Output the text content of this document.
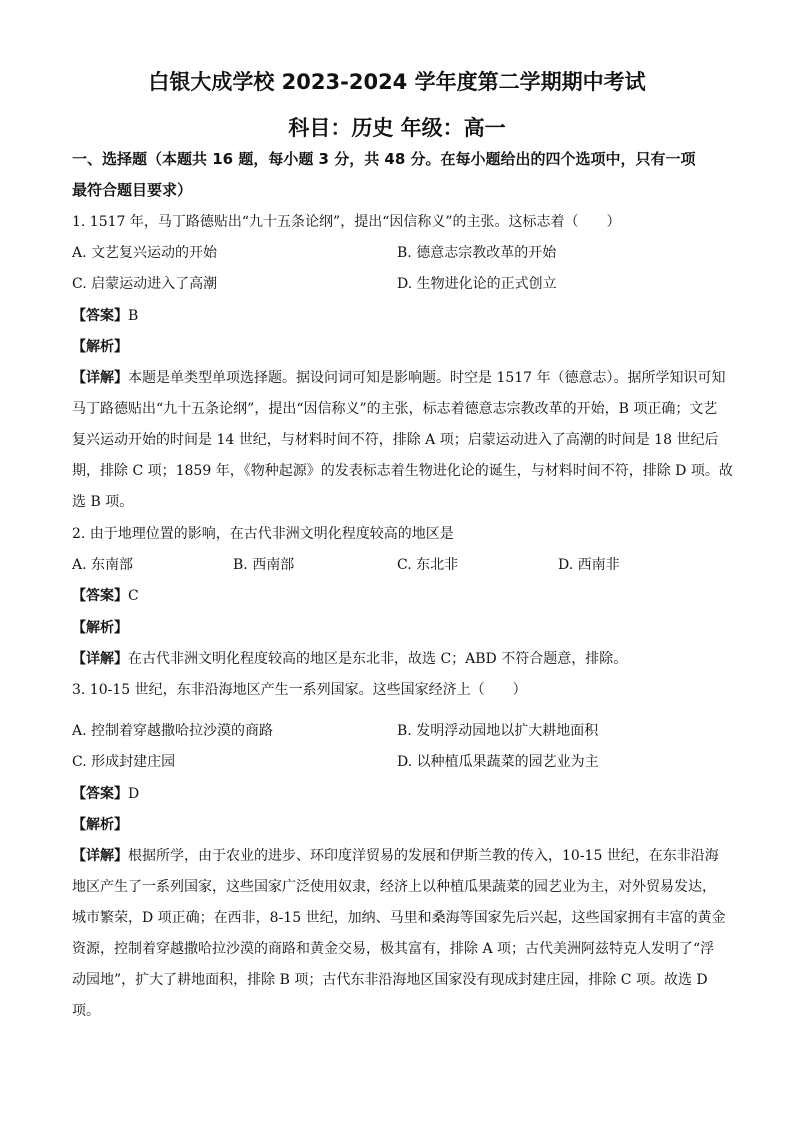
白银大成学校 2023-2024 学年度第二学期期中考试
科目：历史 年级：高一
一、选择题（本题共 16 题，每小题 3 分，共 48 分。在每小题给出的四个选项中，只有一项
最符合题目要求）
1. 1517 年，马丁路德贴出“九十五条论纲”，提出“因信称义”的主张。这标志着（　　）
A. 文艺复兴运动的开始	B. 德意志宗教改革的开始
C. 启蒙运动进入了高潮	D. 生物进化论的正式创立
【答案】B
【解析】
【详解】本题是单类型单项选择题。据设问词可知是影响题。时空是 1517 年（德意志）。据所学知识可知
马丁路德贴出“九十五条论纲”，提出“因信称义”的主张，标志着德意志宗教改革的开始，B 项正确；文艺
复兴运动开始的时间是 14 世纪，与材料时间不符，排除 A 项；启蒙运动进入了高潮的时间是 18 世纪后
期，排除 C 项；1859 年，《物种起源》的发表标志着生物进化论的诞生，与材料时间不符，排除 D 项。故
选 B 项。
2. 由于地理位置的影响，在古代非洲文明化程度较高的地区是
A. 东南部	B. 西南部	C. 东北非	D. 西南非
【答案】C
【解析】
【详解】在古代非洲文明化程度较高的地区是东北非，故选 C；ABD 不符合题意，排除。
3. 10-15 世纪，东非沿海地区产生一系列国家。这些国家经济上（　　）
A. 控制着穿越撒哈拉沙漠的商路	B. 发明浮动园地以扩大耕地面积
C. 形成封建庄园	D. 以种植瓜果蔬菜的园艺业为主
【答案】D
【解析】
【详解】根据所学，由于农业的进步、环印度洋贸易的发展和伊斯兰教的传入，10-15 世纪，在东非沿海
地区产生了一系列国家，这些国家广泛使用奴隶，经济上以种植瓜果蔬菜的园艺业为主，对外贸易发达，
城市繁荣，D 项正确；在西非，8-15 世纪，加纳、马里和桑海等国家先后兴起，这些国家拥有丰富的黄金
资源，控制着穿越撒哈拉沙漠的商路和黄金交易，极其富有，排除 A 项；古代美洲阿兹特克人发明了“浮
动园地”，扩大了耕地面积，排除 B 项；古代东非沿海地区国家没有现成封建庄园，排除 C 项。故选 D
项。
